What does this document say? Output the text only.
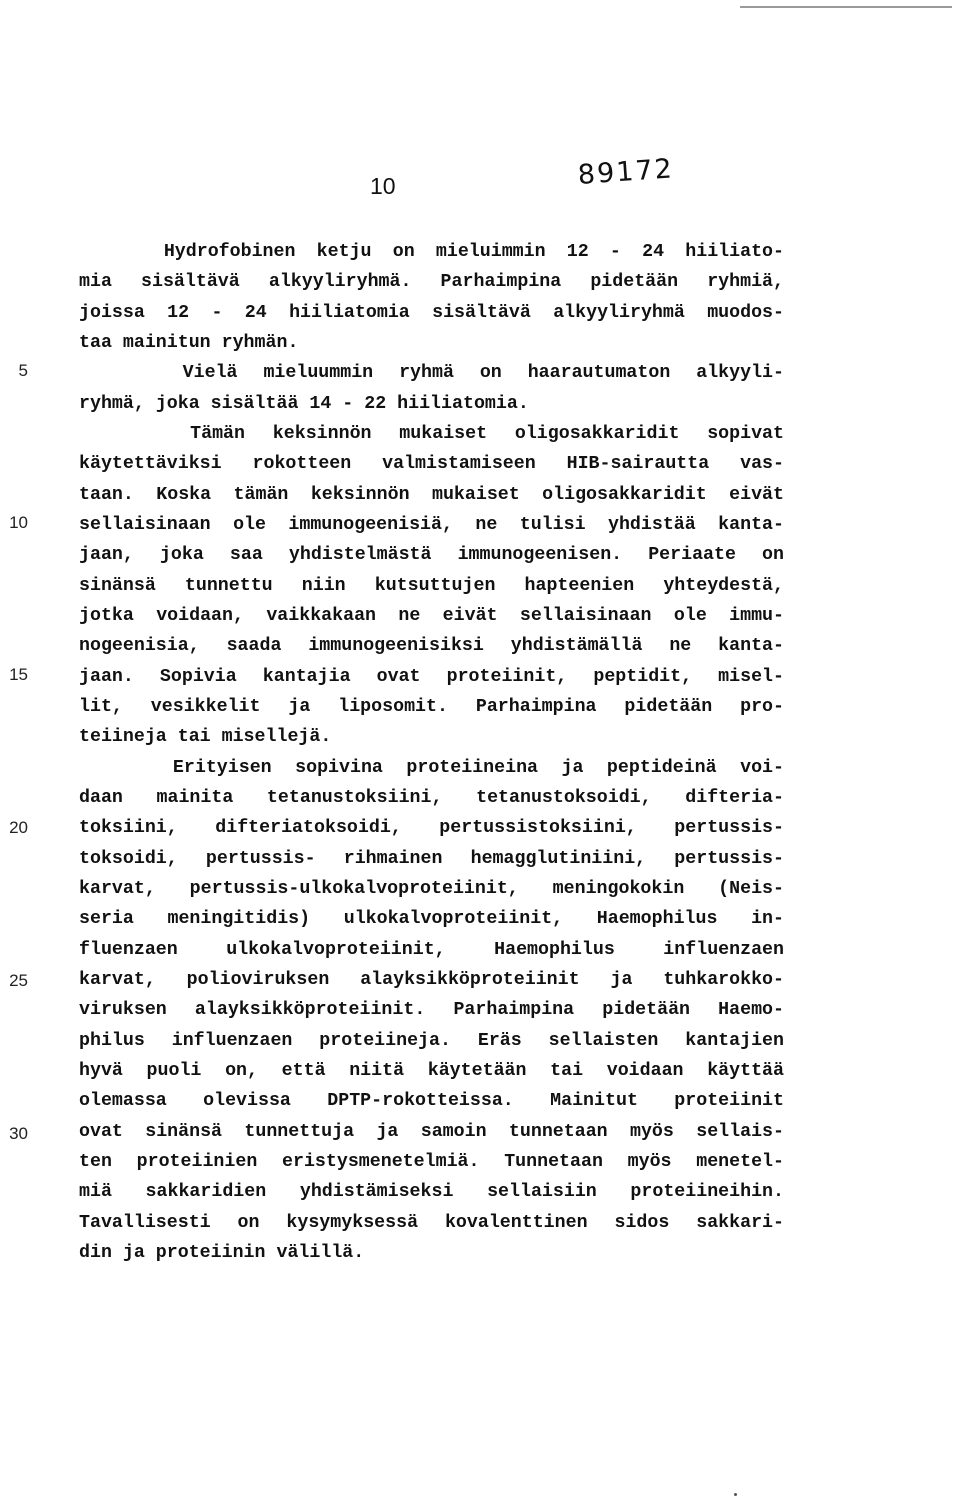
10	89172
5
10
15
20
25
30
Hydrofobinen ketju on mieluimmin 12 - 24 hiiliato-
mia sisältävä alkyyliryhmä. Parhaimpina pidetään ryhmiä,
joissa 12 - 24 hiiliatomia sisältävä alkyyliryhmä muodos-
taa mainitun ryhmän.
Vielä mieluummin ryhmä on haarautumaton alkyyli-
ryhmä, joka sisältää 14 - 22 hiiliatomia.
Tämän keksinnön mukaiset oligosakkaridit sopivat
käytettäviksi rokotteen valmistamiseen HIB-sairautta vas-
taan. Koska tämän keksinnön mukaiset oligosakkaridit eivät
sellaisinaan ole immunogeenisiä, ne tulisi yhdistää kanta-
jaan, joka saa yhdistelmästä immunogeenisen. Periaate on
sinänsä tunnettu niin kutsuttujen hapteenien yhteydestä,
jotka voidaan, vaikkakaan ne eivät sellaisinaan ole immu-
nogeenisia, saada immunogeenisiksi yhdistämällä ne kanta-
jaan. Sopivia kantajia ovat proteiinit, peptidit, misel-
lit, vesikkelit ja liposomit. Parhaimpina pidetään pro-
teiineja tai misellejä.
Erityisen sopivina proteiineina ja peptideinä voi-
daan mainita tetanustoksiini, tetanustoksoidi, difteria-
toksiini, difteriatoksoidi, pertussistoksiini, pertussis-
toksoidi, pertussis- rihmainen hemagglutiniini, pertussis-
karvat, pertussis-ulkokalvoproteiinit, meningokokin (Neis-
seria meningitidis) ulkokalvoproteiinit, Haemophilus in-
fluenzaen ulkokalvoproteiinit, Haemophilus influenzaen
karvat, polioviruksen alayksikköproteiinit ja tuhkarokko-
viruksen alayksikköproteiinit. Parhaimpina pidetään Haemo-
philus influenzaen proteiineja. Eräs sellaisten kantajien
hyvä puoli on, että niitä käytetään tai voidaan käyttää
olemassa olevissa DPTP-rokotteissa. Mainitut proteiinit
ovat sinänsä tunnettuja ja samoin tunnetaan myös sellais-
ten proteiinien eristysmenetelmiä. Tunnetaan myös menetel-
miä sakkaridien yhdistämiseksi sellaisiin proteiineihin.
Tavallisesti on kysymyksessä kovalenttinen sidos sakkari-
din ja proteiinin välillä.
